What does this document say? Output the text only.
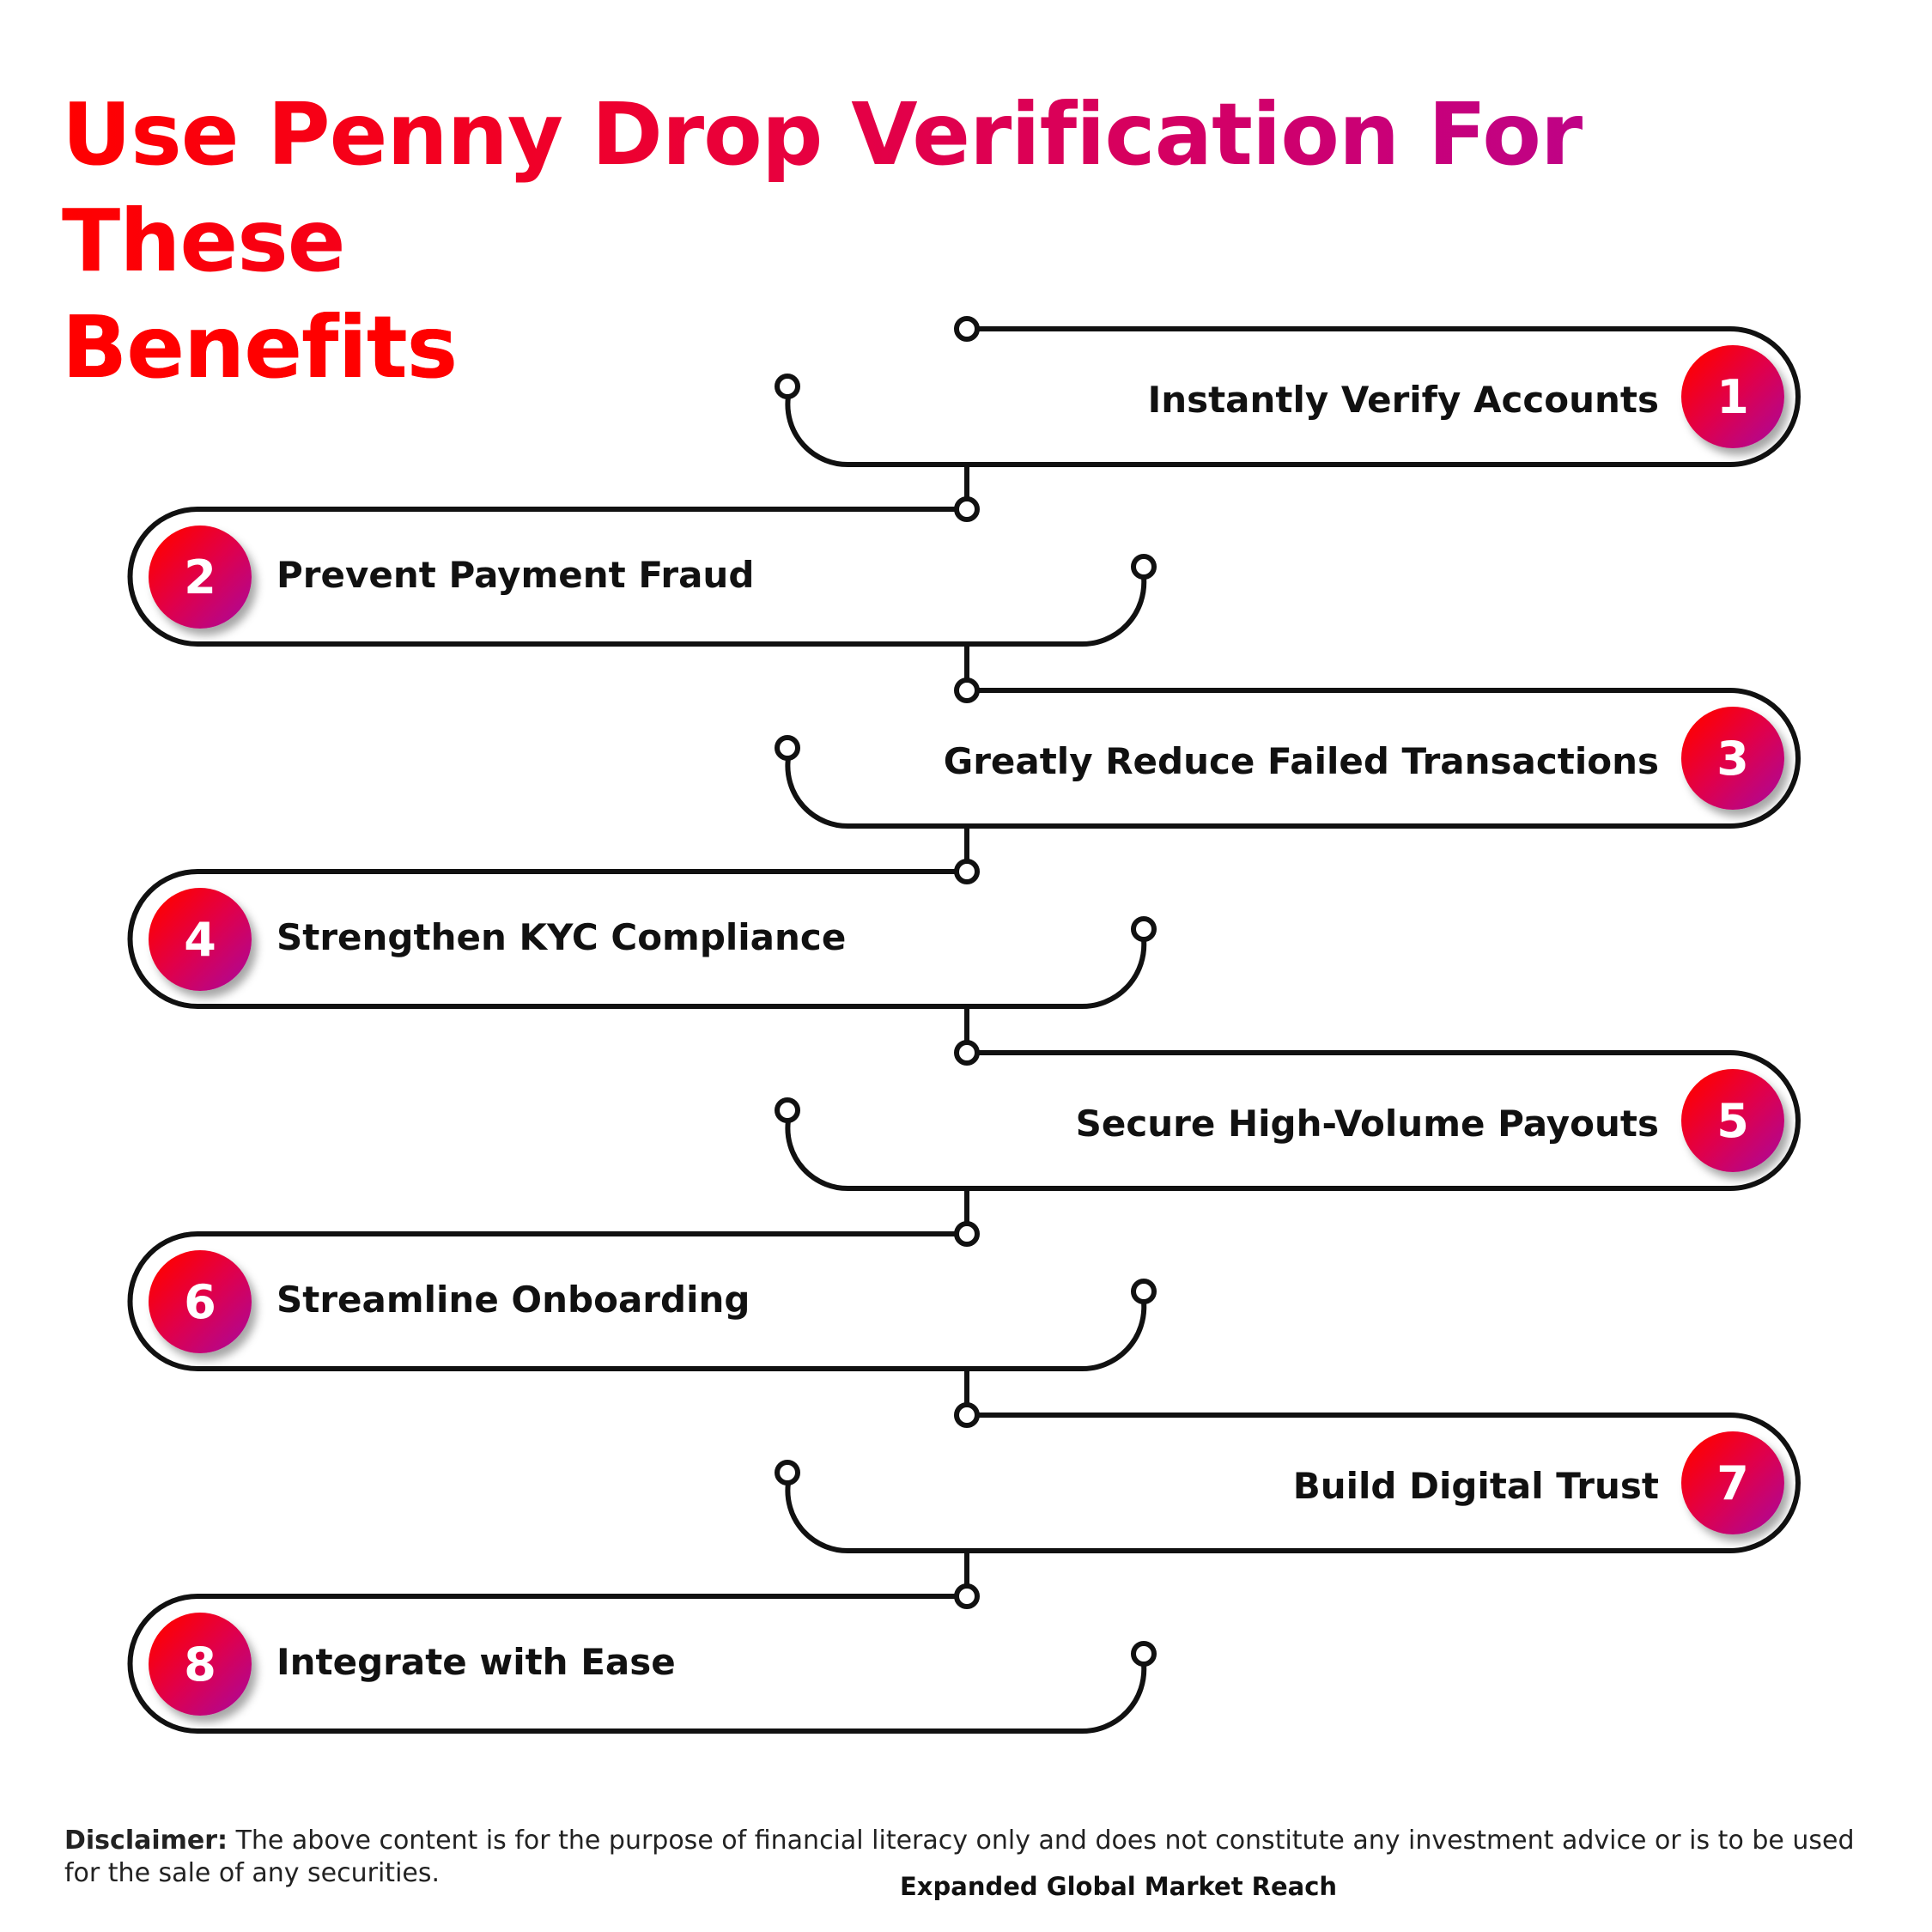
Use Penny Drop Verification For These
Benefits
Instantly Verify Accounts	1
2	Prevent Payment Fraud
Greatly Reduce Failed Transactions	3
4	Strengthen KYC Compliance
Secure High-Volume Payouts	5
6	Streamline Onboarding
Build Digital Trust	7
8	Integrate with Ease
Disclaimer: The above content is for the purpose of financial literacy only and does not constitute any investment advice or is to be used for the sale of any securities.	Expanded Global Market Reach
